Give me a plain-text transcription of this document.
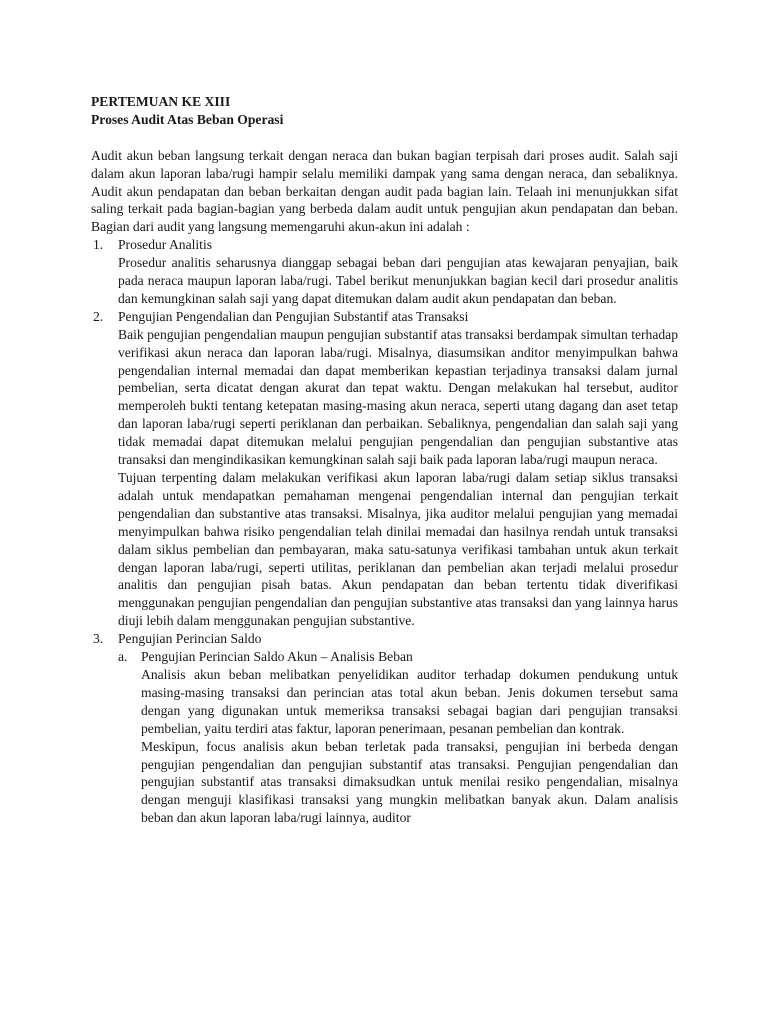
PERTEMUAN KE XIII
Proses Audit Atas Beban Operasi

Audit akun beban langsung terkait dengan neraca dan bukan bagian terpisah dari proses audit. Salah saji dalam akun laporan laba/rugi hampir selalu memiliki dampak yang sama dengan neraca, dan sebaliknya. Audit akun pendapatan dan beban berkaitan dengan audit pada bagian lain. Telaah ini menunjukkan sifat saling terkait pada bagian-bagian yang berbeda dalam audit untuk pengujian akun pendapatan dan beban. Bagian dari audit yang langsung memengaruhi akun-akun ini adalah :

1. Prosedur Analitis

Prosedur analitis seharusnya dianggap sebagai beban dari pengujian atas kewajaran penyajian, baik pada neraca maupun laporan laba/rugi. Tabel berikut menunjukkan bagian kecil dari prosedur analitis dan kemungkinan salah saji yang dapat ditemukan dalam audit akun pendapatan dan beban.

2. Pengujian Pengendalian dan Pengujian Substantif atas Transaksi

Baik pengujian pengendalian maupun pengujian substantif atas transaksi berdampak simultan terhadap verifikasi akun neraca dan laporan laba/rugi. Misalnya, diasumsikan anditor menyimpulkan bahwa pengendalian internal memadai dan dapat memberikan kepastian terjadinya transaksi dalam jurnal pembelian, serta dicatat dengan akurat dan tepat waktu. Dengan melakukan hal tersebut, auditor memperoleh bukti tentang ketepatan masing-masing akun neraca, seperti utang dagang dan aset tetap dan laporan laba/rugi seperti periklanan dan perbaikan. Sebaliknya, pengendalian dan salah saji yang tidak memadai dapat ditemukan melalui pengujian pengendalian dan pengujian substantive atas transaksi dan mengindikasikan kemungkinan salah saji baik pada laporan laba/rugi maupun neraca.

Tujuan terpenting dalam melakukan verifikasi akun laporan laba/rugi dalam setiap siklus transaksi adalah untuk mendapatkan pemahaman mengenai pengendalian internal dan pengujian terkait pengendalian dan substantive atas transaksi. Misalnya, jika auditor melalui pengujian yang memadai menyimpulkan bahwa risiko pengendalian telah dinilai memadai dan hasilnya rendah untuk transaksi dalam siklus pembelian dan pembayaran, maka satu-satunya verifikasi tambahan untuk akun terkait dengan laporan laba/rugi, seperti utilitas, periklanan dan pembelian akan terjadi melalui prosedur analitis dan pengujian pisah batas. Akun pendapatan dan beban tertentu tidak diverifikasi menggunakan pengujian pengendalian dan pengujian substantive atas transaksi dan yang lainnya harus diuji lebih dalam menggunakan pengujian substantive.

3. Pengujian Perincian Saldo
a. Pengujian Perincian Saldo Akun – Analisis Beban

Analisis akun beban melibatkan penyelidikan auditor terhadap dokumen pendukung untuk masing-masing transaksi dan perincian atas total akun beban. Jenis dokumen tersebut sama dengan yang digunakan untuk memeriksa transaksi sebagai bagian dari pengujian transaksi pembelian, yaitu terdiri atas faktur, laporan penerimaan, pesanan pembelian dan kontrak.

Meskipun, focus analisis akun beban terletak pada transaksi, pengujian ini berbeda dengan pengujian pengendalian dan pengujian substantif atas transaksi. Pengujian pengendalian dan pengujian substantif atas transaksi dimaksudkan untuk menilai resiko pengendalian, misalnya dengan menguji klasifikasi transaksi yang mungkin melibatkan banyak akun. Dalam analisis beban dan akun laporan laba/rugi lainnya, auditor
